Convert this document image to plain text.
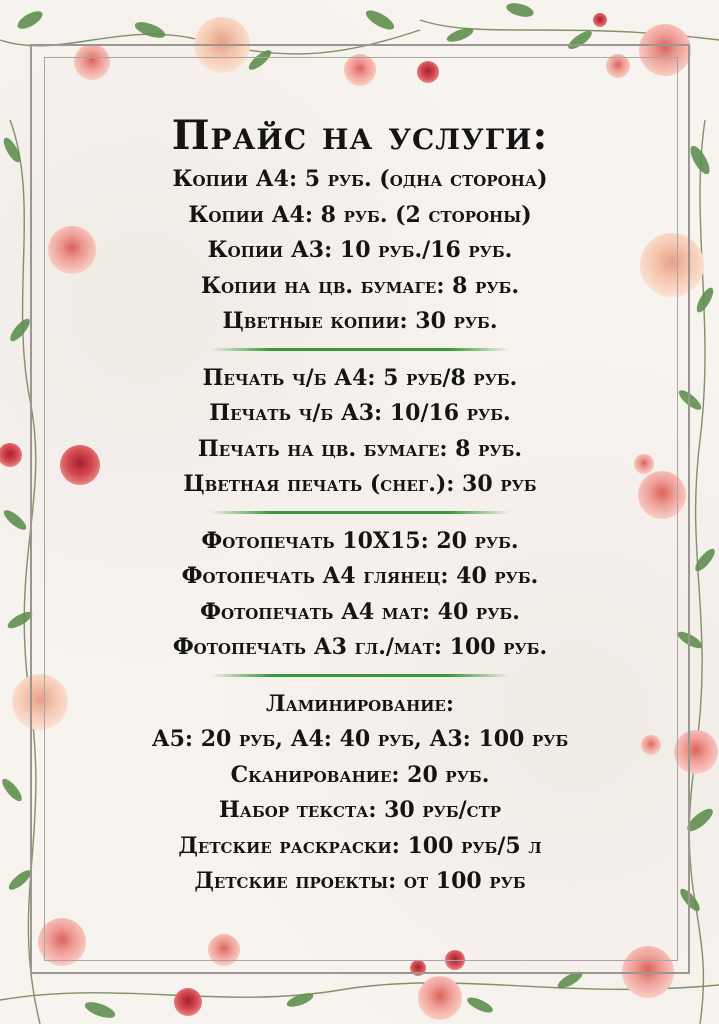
Прайс на услуги:
Копии А4: 5 руб. (одна сторона)
Копии А4: 8 руб. (2 стороны)
Копии А3: 10 руб./16 руб.
Копии на цв. бумаге: 8 руб.
Цветные копии: 30 руб.
Печать ч/б А4: 5 руб/8 руб.
Печать ч/б А3: 10/16 руб.
Печать на цв. бумаге: 8 руб.
Цветная печать (снег.): 30 руб
Фотопечать 10Х15: 20 руб.
Фотопечать А4 глянец: 40 руб.
Фотопечать А4 мат: 40 руб.
Фотопечать А3 гл./мат: 100 руб.
Ламинирование:
А5: 20 руб, А4: 40 руб, А3: 100 руб
Сканирование: 20 руб.
Набор текста: 30 руб/стр
Детские раскраски: 100 руб/5 л
Детские проекты: от 100 руб
